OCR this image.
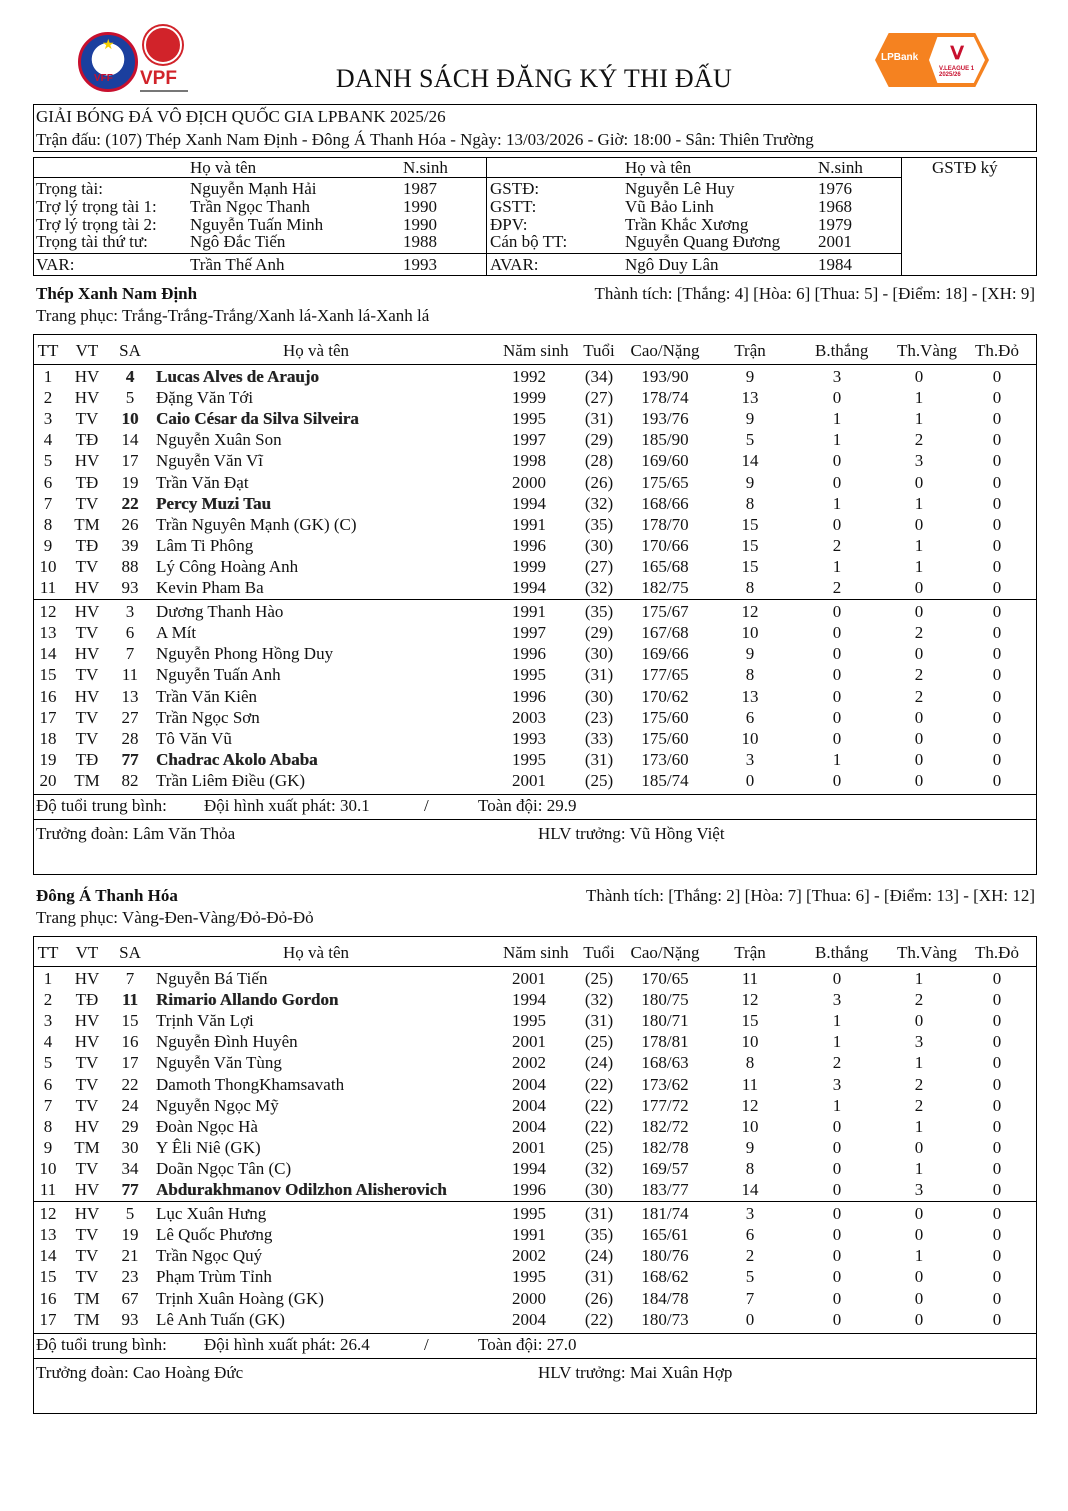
★
VFF VPF
LPBank ⅴ
V.LEAGUE 1 2025/26
DANH SÁCH ĐĂNG KÝ THI ĐẤU
GIẢI BÓNG ĐÁ VÔ ĐỊCH QUỐC GIA LPBANK 2025/26
Trận đấu: (107) Thép Xanh Nam Định - Đông Á Thanh Hóa - Ngày: 13/03/2026 - Giờ: 18:00 - Sân: Thiên Trường
Họ và tên	N.sinh	Họ và tên	N.sinh	GSTĐ ký
Trọng tài:	Nguyễn Mạnh Hải	1987
Trợ lý trọng tài 1: Trần Ngọc Thanh	1990
Trợ lý trọng tài 2: Nguyễn Tuấn Minh	1990
Trọng tài thứ tư: Ngô Đắc Tiến	1988
GSTĐ:	Nguyễn Lê Huy	1976
GSTT:	Vũ Bảo Linh	1968
ĐPV:	Trần Khắc Xương	1979
Cán bộ TT:	Nguyễn Quang Đương 2001
VAR:	Trần Thế Anh	1993	AVAR:	Ngô Duy Lân	1984
Thép Xanh Nam Định	Thành tích: [Thắng: 4] [Hòa: 6] [Thua: 5] - [Điểm: 18] - [XH: 9]
Trang phục: Trắng-Trắng-Trắng/Xanh lá-Xanh lá-Xanh lá
TT	VT	SA	Họ và tên	Năm sinh Tuổi Cao/Nặng	Trận	B.thắng Th.Vàng Th.Đỏ
1	HV	4	Lucas Alves de Araujo	1992	(34)	193/90	9	3	0	0
2	HV	5	Đặng Văn Tới	1999	(27)	178/74	13	0	1	0
3	TV	10	Caio César da Silva Silveira	1995	(31)	193/76	9	1	1	0
4	TĐ	14	Nguyễn Xuân Son	1997	(29)	185/90	5	1	2	0
5	HV	17	Nguyễn Văn Vĩ	1998	(28)	169/60	14	0	3	0
6	TĐ	19	Trần Văn Đạt	2000	(26)	175/65	9	0	0	0
7	TV	22	Percy Muzi Tau	1994	(32)	168/66	8	1	1	0
8	TM	26	Trần Nguyên Mạnh (GK) (C)	1991	(35)	178/70	15	0	0	0
9	TĐ	39	Lâm Ti Phông	1996	(30)	170/66	15	2	1	0
10	TV	88	Lý Công Hoàng Anh	1999	(27)	165/68	15	1	1	0
11	HV	93	Kevin Pham Ba	1994	(32)	182/75	8	2	0	0
12	HV	3	Dương Thanh Hào	1991	(35)	175/67	12	0	0	0
13	TV	6	A Mít	1997	(29)	167/68	10	0	2	0
14	HV	7	Nguyễn Phong Hồng Duy	1996	(30)	169/66	9	0	0	0
15	TV	11	Nguyễn Tuấn Anh	1995	(31)	177/65	8	0	2	0
16	HV	13	Trần Văn Kiên	1996	(30)	170/62	13	0	2	0
17	TV	27	Trần Ngọc Sơn	2003	(23)	175/60	6	0	0	0
18	TV	28	Tô Văn Vũ	1993	(33)	175/60	10	0	0	0
19	TĐ	77	Chadrac Akolo Ababa	1995	(31)	173/60	3	1	0	0
20	TM	82	Trần Liêm Điều (GK)	2001	(25)	185/74	0	0	0	0
Độ tuổi trung bình: Đội hình xuất phát: 30.1	/	Toàn đội: 29.9
Trưởng đoàn: Lâm Văn Thỏa	HLV trưởng: Vũ Hồng Việt
Đông Á Thanh Hóa	Thành tích: [Thắng: 2] [Hòa: 7] [Thua: 6] - [Điểm: 13] - [XH: 12]
Trang phục: Vàng-Đen-Vàng/Đỏ-Đỏ-Đỏ
TT	VT	SA	Họ và tên	Năm sinh Tuổi Cao/Nặng	Trận	B.thắng Th.Vàng Th.Đỏ
1	HV	7	Nguyễn Bá Tiến	2001	(25)	170/65	11	0	1	0
2	TĐ	11	Rimario Allando Gordon	1994	(32)	180/75	12	3	2	0
3	HV	15	Trịnh Văn Lợi	1995	(31)	180/71	15	1	0	0
4	HV	16	Nguyễn Đình Huyên	2001	(25)	178/81	10	1	3	0
5	TV	17	Nguyễn Văn Tùng	2002	(24)	168/63	8	2	1	0
6	TV	22	Damoth ThongKhamsavath	2004	(22)	173/62	11	3	2	0
7	TV	24	Nguyễn Ngọc Mỹ	2004	(22)	177/72	12	1	2	0
8	HV	29	Đoàn Ngọc Hà	2004	(22)	182/72	10	0	1	0
9	TM	30	Y Êli Niê (GK)	2001	(25)	182/78	9	0	0	0
10	TV	34	Doãn Ngọc Tân (C)	1994	(32)	169/57	8	0	1	0
11	HV	77	Abdurakhmanov Odilzhon Alisherovich	1996	(30)	183/77	14	0	3	0
12	HV	5	Lục Xuân Hưng	1995	(31)	181/74	3	0	0	0
13	TV	19	Lê Quốc Phương	1991	(35)	165/61	6	0	0	0
14	TV	21	Trần Ngọc Quý	2002	(24)	180/76	2	0	1	0
15	TV	23	Phạm Trùm Tỉnh	1995	(31)	168/62	5	0	0	0
16	TM	67	Trịnh Xuân Hoàng (GK)	2000	(26)	184/78	7	0	0	0
17	TM	93	Lê Anh Tuấn (GK)	2004	(22)	180/73	0	0	0	0
Độ tuổi trung bình: Đội hình xuất phát: 26.4	/	Toàn đội: 27.0
Trưởng đoàn: Cao Hoàng Đức	HLV trưởng: Mai Xuân Hợp
